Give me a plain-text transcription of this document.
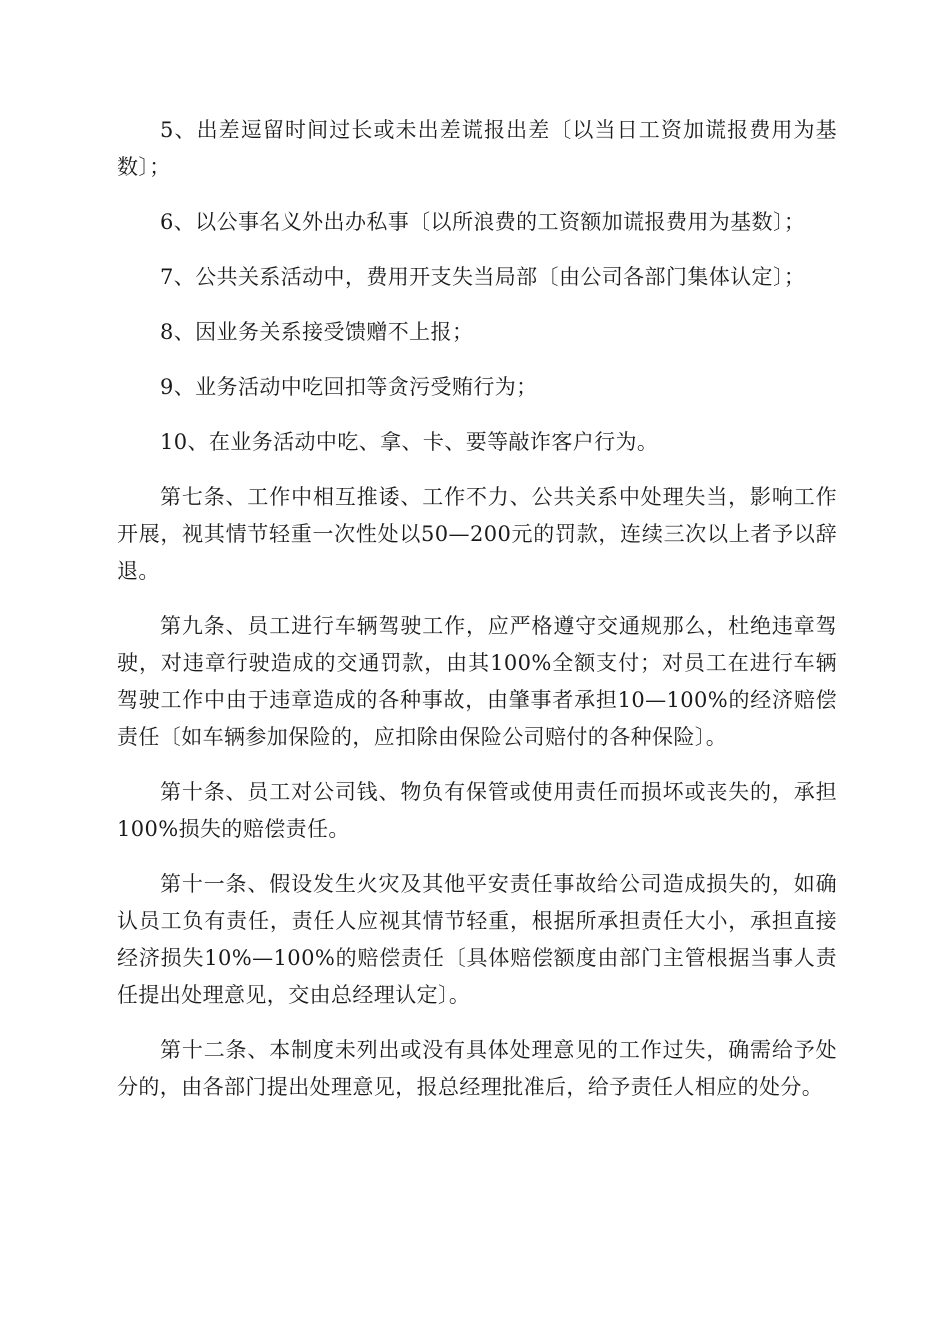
5、出差逗留时间过长或未出差谎报出差〔以当日工资加谎报费用为基数〕；

6、以公事名义外出办私事〔以所浪费的工资额加谎报费用为基数〕；

7、公共关系活动中，费用开支失当局部〔由公司各部门集体认定〕；

8、因业务关系接受馈赠不上报；

9、业务活动中吃回扣等贪污受贿行为；

10、在业务活动中吃、拿、卡、要等敲诈客户行为。

第七条、工作中相互推诿、工作不力、公共关系中处理失当，影响工作开展，视其情节轻重一次性处以50—200元的罚款，连续三次以上者予以辞退。

第九条、员工进行车辆驾驶工作，应严格遵守交通规那么，杜绝违章驾驶，对违章行驶造成的交通罚款，由其100%全额支付；对员工在进行车辆驾驶工作中由于违章造成的各种事故，由肇事者承担10—100%的经济赔偿责任〔如车辆参加保险的，应扣除由保险公司赔付的各种保险〕。

第十条、员工对公司钱、物负有保管或使用责任而损坏或丧失的，承担100%损失的赔偿责任。

第十一条、假设发生火灾及其他平安责任事故给公司造成损失的，如确认员工负有责任，责任人应视其情节轻重，根据所承担责任大小，承担直接经济损失10%—100%的赔偿责任〔具体赔偿额度由部门主管根据当事人责任提出处理意见，交由总经理认定〕。

第十二条、本制度未列出或没有具体处理意见的工作过失，确需给予处分的，由各部门提出处理意见，报总经理批准后，给予责任人相应的处分。
